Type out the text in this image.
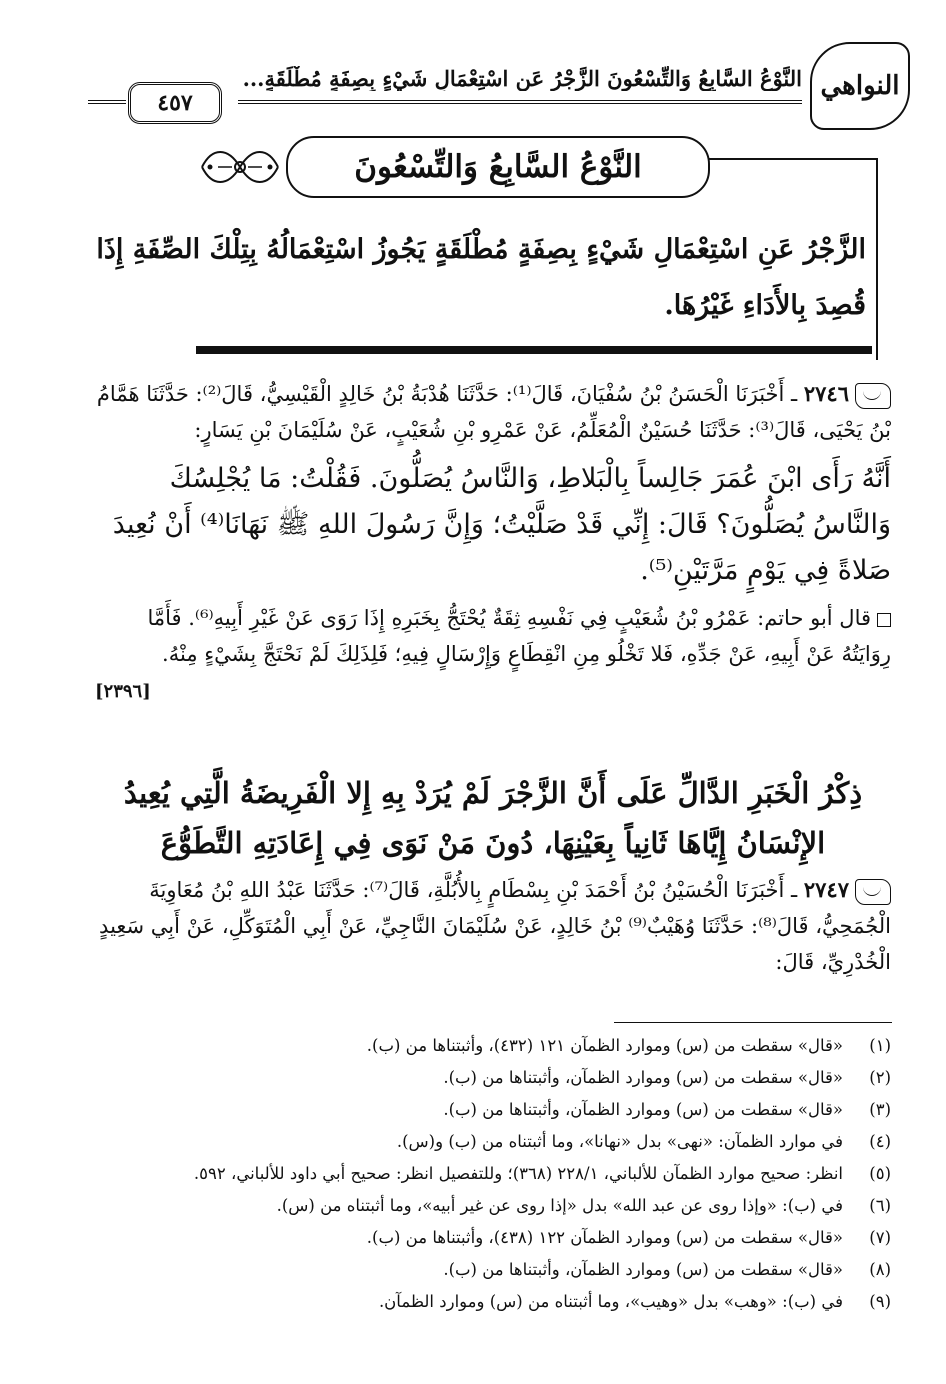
النواهي
النَّوْعُ السَّابِعُ وَالتِّسْعُونَ الزَّجْرُ عَنِ اسْتِعْمَالِ شَيْءٍ بِصِفَةٍ مُطْلَقَةٍ...
٤٥٧
النَّوْعُ السَّابِعُ وَالتِّسْعُونَ
الزَّجْرُ عَنِ اسْتِعْمَالِ شَيْءٍ بِصِفَةٍ مُطْلَقَةٍ يَجُوزُ اسْتِعْمَالُهُ بِتِلْكَ الصِّفَةِ إِذَا قُصِدَ بِالأَدَاءِ غَيْرُهَا.
٢٧٤٦ ـ أَخْبَرَنَا الْحَسَنُ بْنُ سُفْيَانَ، قَالَ⁽¹⁾: حَدَّثَنَا هُدْبَةُ بْنُ خَالِدٍ الْقَيْسِيُّ، قَالَ⁽²⁾: حَدَّثَنَا هَمَّامُ بْنُ يَحْيَى، قَالَ⁽³⁾: حَدَّثَنَا حُسَيْنٌ الْمُعَلِّمُ، عَنْ عَمْرِو بْنِ شُعَيْبٍ، عَنْ سُلَيْمَانَ بْنِ يَسَارٍ:
أَنَّهُ رَأَى ابْنَ عُمَرَ جَالِساً بِالْبَلاطِ، وَالنَّاسُ يُصَلُّونَ. فَقُلْتُ: مَا يُجْلِسُكَ وَالنَّاسُ يُصَلُّونَ؟ قَالَ: إِنِّي قَدْ صَلَّيْتُ؛ وَإِنَّ رَسُولَ اللهِ ﷺ نَهَانَا⁽⁴⁾ أَنْ نُعِيدَ صَلاةً فِي يَوْمٍ مَرَّتَيْنِ⁽⁵⁾.
قال أبو حاتم: عَمْرُو بْنُ شُعَيْبٍ فِي نَفْسِهِ ثِقَةٌ يُحْتَجُّ بِخَبَرِهِ إِذَا رَوَى عَنْ غَيْرِ أَبِيهِ⁽⁶⁾. فَأَمَّا رِوَايَتُهُ عَنْ أَبِيهِ، عَنْ جَدِّهِ، فَلا تَخْلُو مِنِ انْقِطَاعٍ وَإِرْسَالٍ فِيهِ؛ فَلِذَلِكَ لَمْ نَحْتَجَّ بِشَيْءٍ مِنْهُ.
[٢٣٩٦]
ذِكْرُ الْخَبَرِ الدَّالِّ عَلَى أَنَّ الزَّجْرَ لَمْ يُرَدْ بِهِ إِلا الْفَرِيضَةُ الَّتِي يُعِيدُ الإِنْسَانُ إِيَّاهَا ثَانِياً بِعَيْنِهَا، دُونَ مَنْ نَوَى فِي إِعَادَتِهِ التَّطَوُّعَ
٢٧٤٧ ـ أَخْبَرَنَا الْحُسَيْنُ بْنُ أَحْمَدَ بْنِ بِسْطَامٍ بِالأُبُلَّةِ، قَالَ⁽⁷⁾: حَدَّثَنَا عَبْدُ اللهِ بْنُ مُعَاوِيَةَ الْجُمَحِيُّ، قَالَ⁽⁸⁾: حَدَّثَنَا وُهَيْبٌ⁽⁹⁾ بْنُ خَالِدٍ، عَنْ سُلَيْمَانَ النَّاجِيِّ، عَنْ أَبِي الْمُتَوَكِّلِ، عَنْ أَبِي سَعِيدٍ الْخُدْرِيِّ، قَالَ:
(١)«قال» سقطت من (س) وموارد الظمآن ١٢١ (٤٣٢)، وأثبتناها من (ب).
(٢)«قال» سقطت من (س) وموارد الظمآن، وأثبتناها من (ب).
(٣)«قال» سقطت من (س) وموارد الظمآن، وأثبتناها من (ب).
(٤)في موارد الظمآن: «نهى» بدل «نهانا»، وما أثبتناه من (ب) و(س).
(٥)انظر: صحيح موارد الظمآن للألباني، ٢٢٨/١ (٣٦٨)؛ وللتفصيل انظر: صحيح أبي داود للألباني، ٥٩٢.
(٦)في (ب): «وإذا روى عن عبد الله» بدل «إذا روى عن غير أبيه»، وما أثبتناه من (س).
(٧)«قال» سقطت من (س) وموارد الظمآن ١٢٢ (٤٣٨)، وأثبتناها من (ب).
(٨)«قال» سقطت من (س) وموارد الظمآن، وأثبتناها من (ب).
(٩)في (ب): «وهب» بدل «وهيب»، وما أثبتناه من (س) وموارد الظمآن.
